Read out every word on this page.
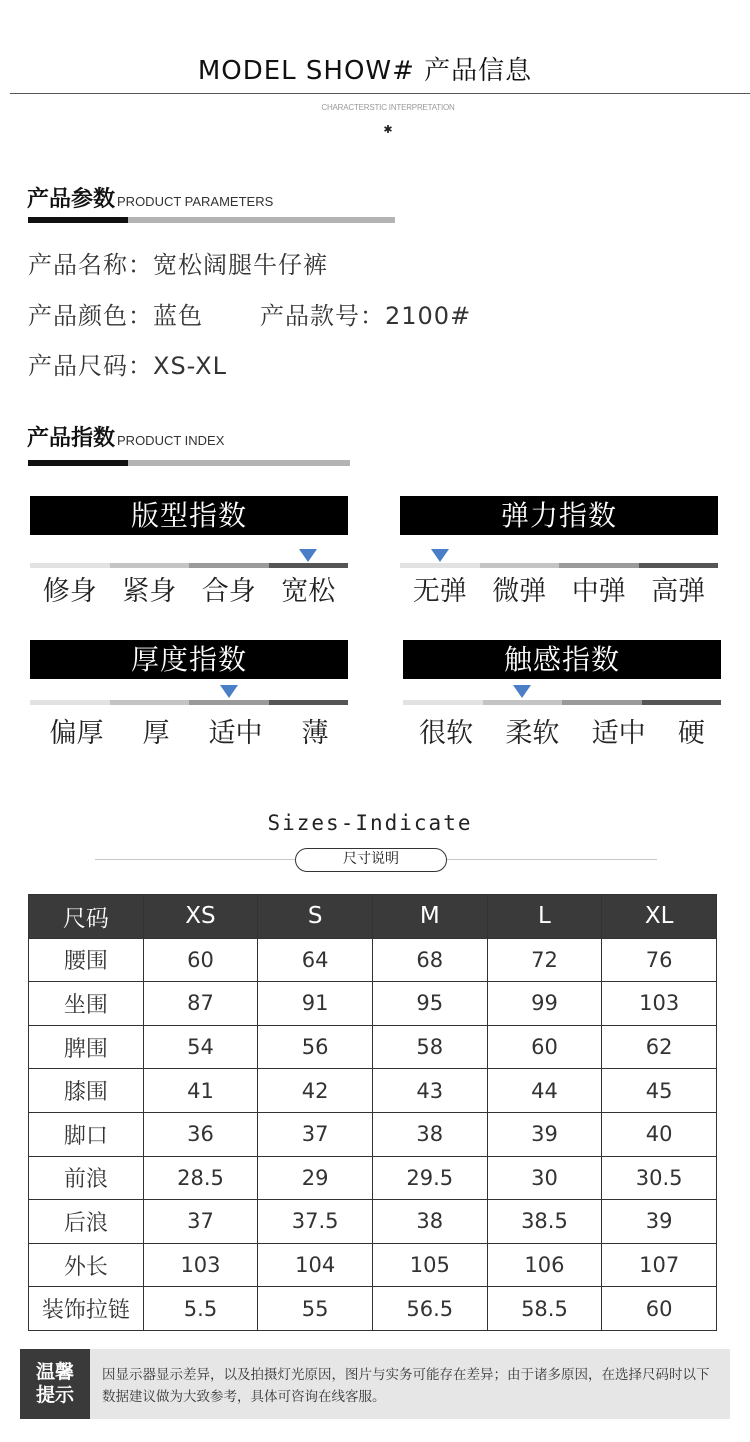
MODEL SHOW# 产品信息
CHARACTERSTIC INTERPRETATION
✱
产品参数 PRODUCT PARAMETERS
产品名称：宽松阔腿牛仔裤
产品颜色：蓝色 产品款号：2100#
产品尺码：XS-XL
产品指数 PRODUCT INDEX
版型指数
修身 紧身 合身 宽松
弹力指数
无弹 微弹 中弹 高弹
厚度指数
偏厚 厚 适中 薄
触感指数
很软 柔软 适中 硬
Sizes-Indicate
尺寸说明
尺码	XS	S	M	L	XL
腰围	60	64	68	72	76
坐围	87	91	95	99	103
脾围	54	56	58	60	62
膝围	41	42	43	44	45
脚口	36	37	38	39	40
前浪	28.5	29	29.5	30	30.5
后浪	37	37.5	38	38.5	39
外长	103	104	105	106	107
装饰拉链	5.5	55	56.5	58.5	60
温馨
提示
因显示器显示差异，以及拍摄灯光原因，图片与实务可能存在差异；由于诸多原因，在选择尺码时以下数据建议做为大致参考，具体可咨询在线客服。
